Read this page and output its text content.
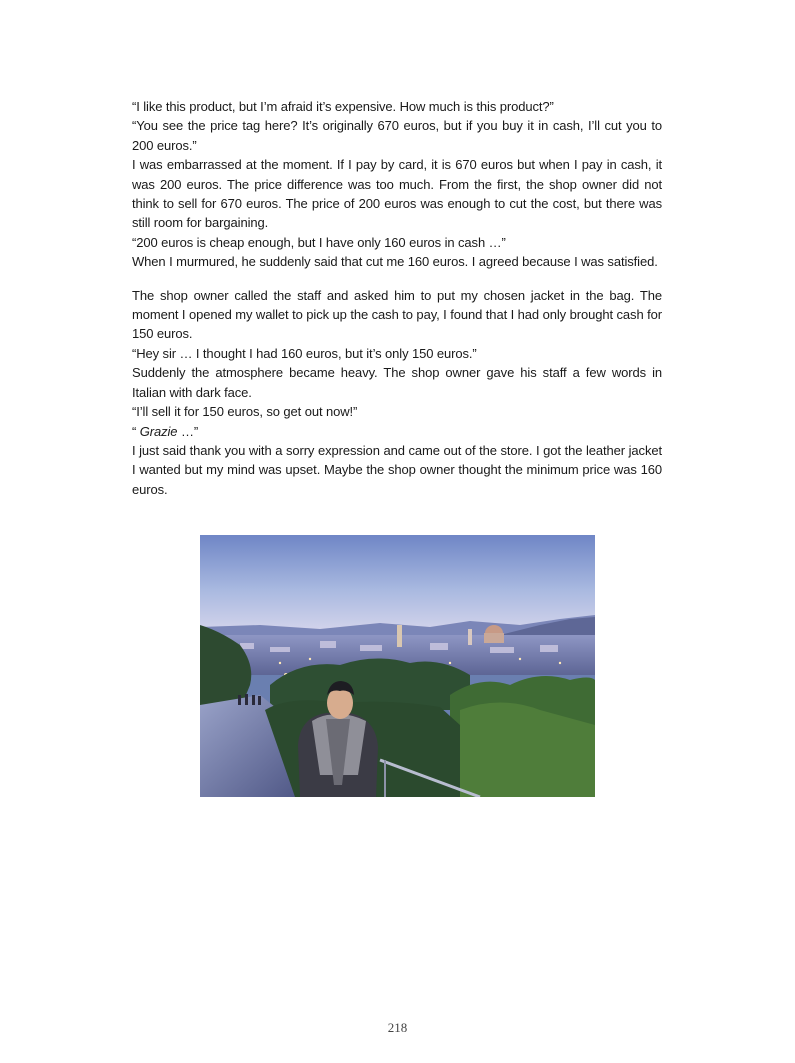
“I like this product, but I’m afraid it’s expensive. How much is this product?”

“You see the price tag here? It’s originally 670 euros, but if you buy it in cash, I’ll cut you to 200 euros.”

I was embarrassed at the moment. If I pay by card, it is 670 euros but when I pay in cash, it was 200 euros. The price difference was too much. From the first, the shop owner did not think to sell for 670 euros. The price of 200 euros was enough to cut the cost, but there was still room for bargaining.

“200 euros is cheap enough, but I have only 160 euros in cash …”

When I murmured, he suddenly said that cut me 160 euros. I agreed because I was satisfied.

The shop owner called the staff and asked him to put my chosen jacket in the bag. The moment I opened my wallet to pick up the cash to pay, I found that I had only brought cash for 150 euros.

“Hey sir … I thought I had 160 euros, but it’s only 150 euros.”

Suddenly the atmosphere became heavy. The shop owner gave his staff a few words in Italian with dark face.

“I’ll sell it for 150 euros, so get out now!”

“ Grazie …”

I just said thank you with a sorry expression and came out of the store. I got the leather jacket I wanted but my mind was upset. Maybe the shop owner thought the minimum price was 160 euros.

218
